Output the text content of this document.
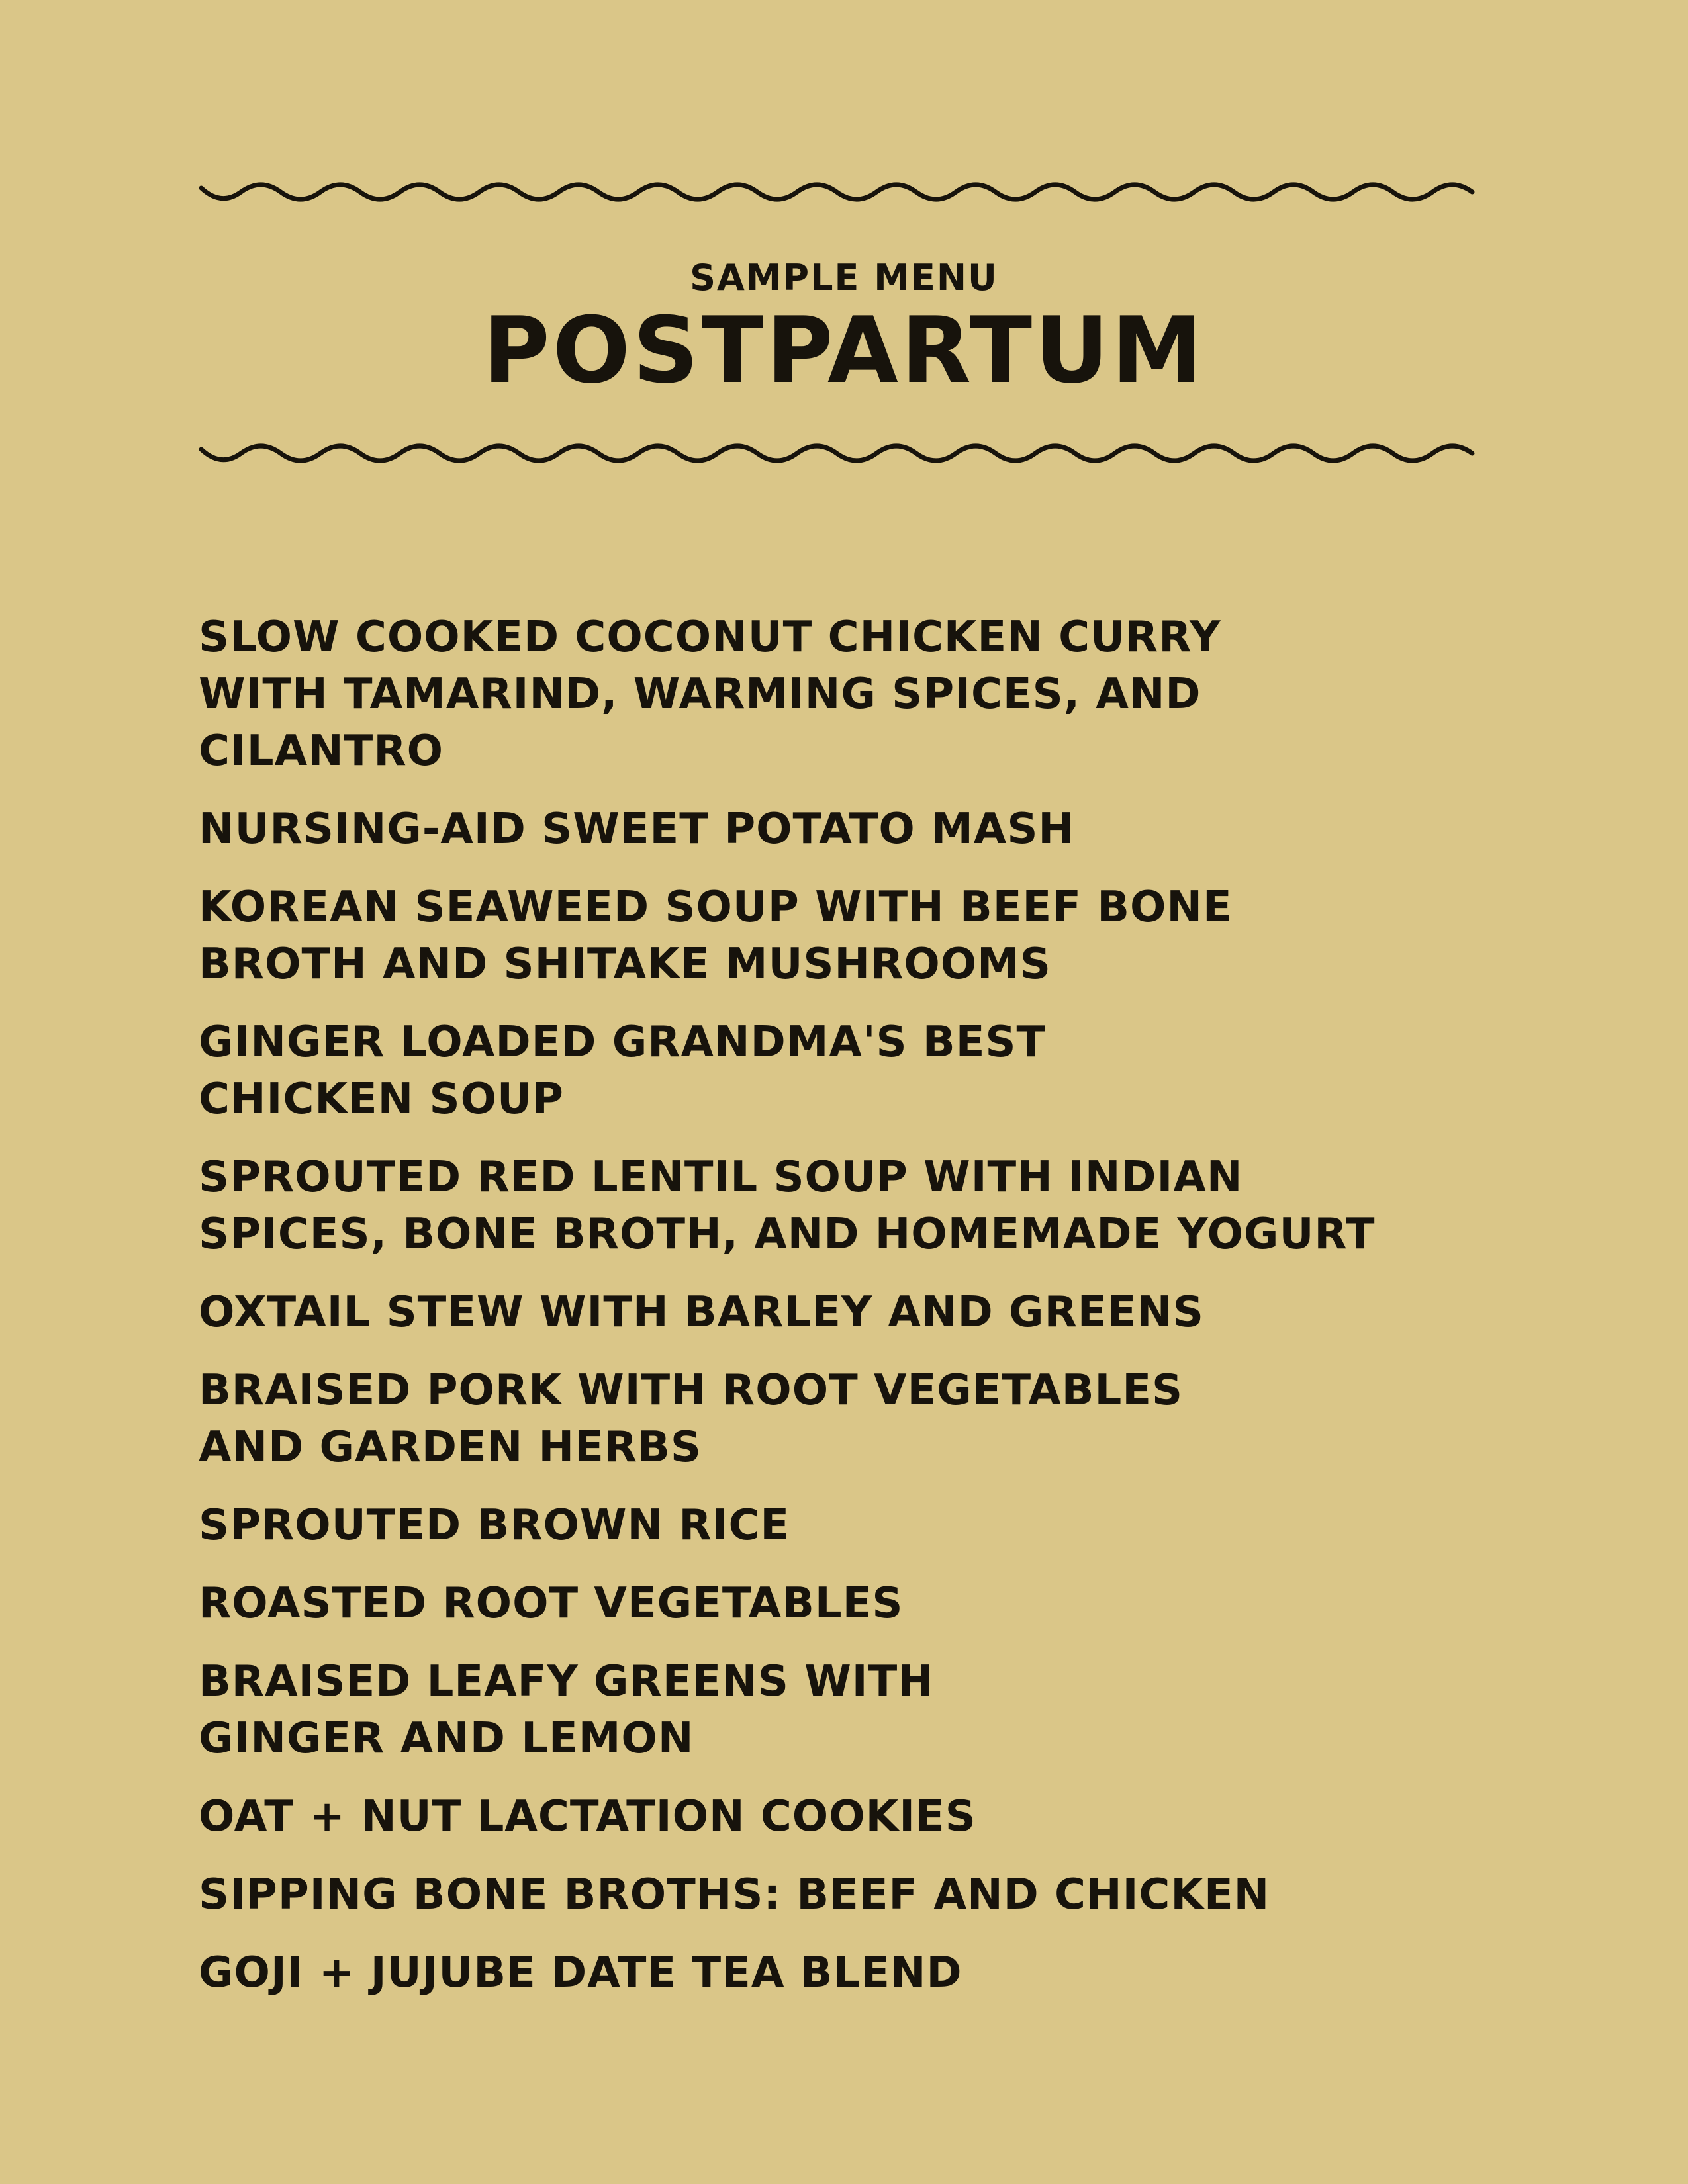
SAMPLE MENU
POSTPARTUM
SLOW COOKED COCONUT CHICKEN CURRY
WITH TAMARIND, WARMING SPICES, AND
CILANTRO
NURSING-AID SWEET POTATO MASH
KOREAN SEAWEED SOUP WITH BEEF BONE
BROTH AND SHITAKE MUSHROOMS
GINGER LOADED GRANDMA'S BEST
CHICKEN SOUP
SPROUTED RED LENTIL SOUP WITH INDIAN
SPICES, BONE BROTH, AND HOMEMADE YOGURT
OXTAIL STEW WITH BARLEY AND GREENS
BRAISED PORK WITH ROOT VEGETABLES
AND GARDEN HERBS
SPROUTED BROWN RICE
ROASTED ROOT VEGETABLES
BRAISED LEAFY GREENS WITH
GINGER AND LEMON
OAT + NUT LACTATION COOKIES
SIPPING BONE BROTHS: BEEF AND CHICKEN
GOJI + JUJUBE DATE TEA BLEND
